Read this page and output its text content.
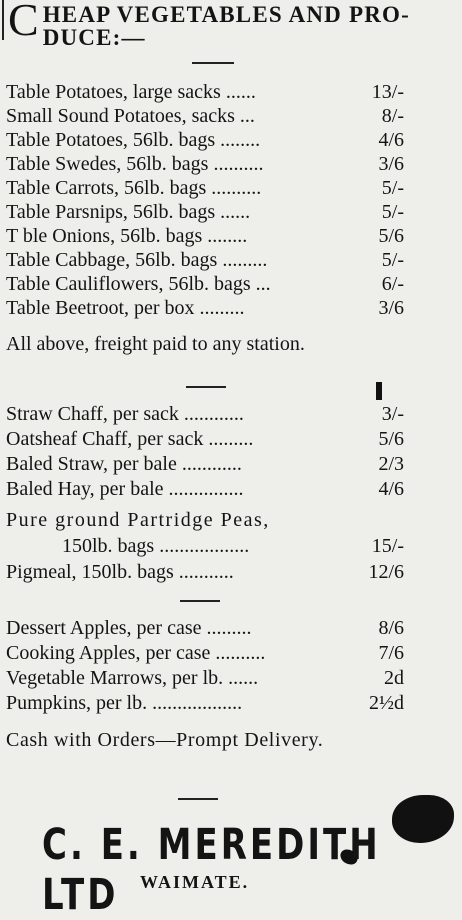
C HEAP VEGETABLES AND PRO-
DUCE:—
Table Potatoes, large sacks ......	13/-
Small Sound Potatoes, sacks ...	8/-
Table Potatoes, 56lb. bags ........	4/6
Table Swedes, 56lb. bags ..........	3/6
Table Carrots, 56lb. bags ..........	5/-
Table Parsnips, 56lb. bags ......	5/-
T ble Onions, 56lb. bags ........	5/6
Table Cabbage, 56lb. bags .........	5/-
Table Cauliflowers, 56lb. bags ...	6/-
Table Beetroot, per box .........	3/6
All above, freight paid to any station.
Straw Chaff, per sack ............	3/-
Oatsheaf Chaff, per sack .........	5/6
Baled Straw, per bale ............	2/3
Baled Hay, per bale ...............	4/6
Pure ground Partridge Peas,
150lb. bags ..................	15/-
Pigmeal, 150lb. bags ...........	12/6
Dessert Apples, per case .........	8/6
Cooking Apples, per case ..........	7/6
Vegetable Marrows, per lb. ......	2d
Pumpkins, per lb. ..................	2½d
Cash with Orders—Prompt Delivery.
C. E. MEREDITH LTD	WAIMATE.
